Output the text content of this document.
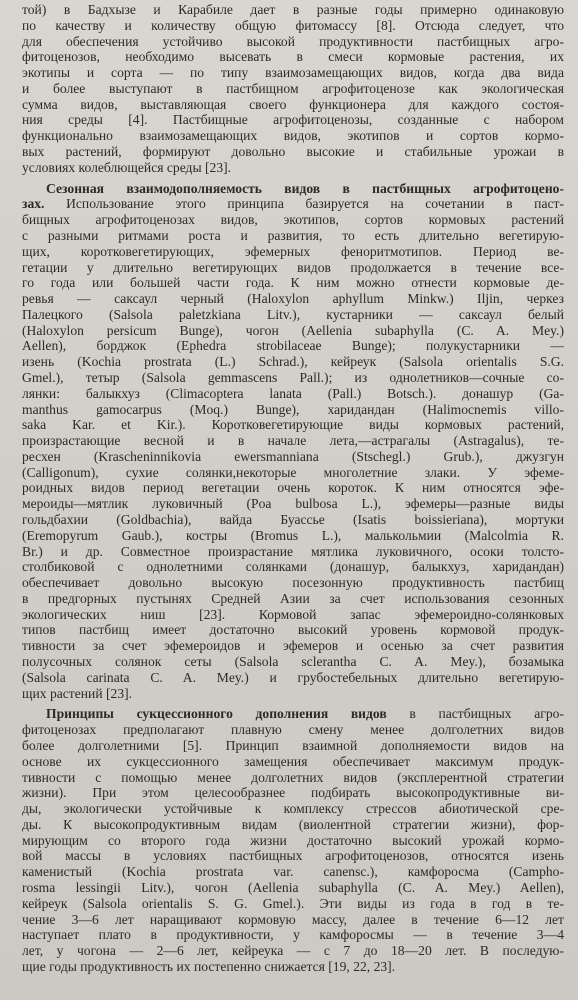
той) в Бадхызе и Карабиле дает в разные годы примерно одинаковую
по качеству и количеству общую фитомассу [8]. Отсюда следует, что
для обеспечения устойчиво высокой продуктивности пастбищных агро-
фитоценозов, необходимо высевать в смеси кормовые растения, их
экотипы и сорта — по типу взаимозамещающих видов, когда два вида
и более выступают в пастбищном агрофитоценозе как экологическая
сумма видов, выставляющая своего функционера для каждого состоя-
ния среды [4]. Пастбищные агрофитоценозы, созданные с набором
функционально взаимозамещающих видов, экотипов и сортов кормо-
вых растений, формируют довольно высокие и стабильные урожаи в
условиях колеблющейся среды [23].
Сезонная взаимодополняемость видов в пастбищных агрофитоцено-
зах. Использование этого принципа базируется на сочетании в паст-
бищных агрофитоценозах видов, экотипов, сортов кормовых растений
с разными ритмами роста и развития, то есть длительно вегетирую-
щих, коротковегетирующих, эфемерных феноритмотипов. Период ве-
гетации у длительно вегетирующих видов продолжается в течение все-
го года или большей части года. К ним можно отнести кормовые де-
ревья — саксаул черный (Haloxylon aphyllum Minkw.) Iljin, черкез
Палецкого (Salsola paletzkiana Litv.), кустарники — саксаул белый
(Haloxylon persicum Bunge), чогон (Aellenia subaphylla (C. A. Mey.)
Aellen), борджок (Ephedra strobilaceae Bunge); полукустарники —
изень (Kochia prostrata (L.) Schrad.), кейреук (Salsola orientalis S.G.
Gmel.), тетыр (Salsola gemmascens Pall.); из однолетников—сочные со-
лянки: балыкхуз (Climacoptera lanata (Pall.) Botsch.). донашур (Ga-
manthus gamocarpus (Moq.) Bunge), харидандан (Halimocnemis villo-
saka Kar. et Kir.). Коротковегетирующие виды кормовых растений,
произрастающие весной и в начале лета,—астрагалы (Astragalus), те-
ресхен (Krascheninnikovia ewersmanniana (Stschegl.) Grub.), джузгун
(Calligonum), сухие солянки,некоторые многолетние злаки. У эфеме-
роидных видов период вегетации очень короток. К ним относятся эфе-
мероиды—мятлик луковичный (Poa bulbosa L.), эфемеры—разные виды
гольдбахии (Goldbachia), вайда Буассье (Isatis boissieriana), мортуки
(Eremopyrum Gaub.), костры (Bromus L.), малькольмии (Malcolmia R.
Br.) и др. Совместное произрастание мятлика луковичного, осоки толсто-
столбиковой с однолетними солянками (донашур, балыкхуз, харидандан)
обеспечивает довольно высокую посезонную продуктивность пастбищ
в предгорных пустынях Средней Азии за счет использования сезонных
экологических ниш [23]. Кормовой запас эфемероидно-солянковых
типов пастбищ имеет достаточно высокий уровень кормовой продук-
тивности за счет эфемероидов и эфемеров и осенью за счет развития
полусочных солянок сеты (Salsola sclerantha C. A. Mey.), бозамыка
(Salsola carinata C. A. Mey.) и грубостебельных длительно вегетирую-
щих растений [23].
Принципы сукцессионного дополнения видов в пастбищных агро-
фитоценозах предполагают плавную смену менее долголетних видов
более долголетними [5]. Принцип взаимной дополняемости видов на
основе их сукцессионного замещения обеспечивает максимум продук-
тивности с помощью менее долголетних видов (эксплерентной стратегии
жизни). При этом целесообразнее подбирать высокопродуктивные ви-
ды, экологически устойчивые к комплексу стрессов абиотической сре-
ды. К высокопродуктивным видам (виолентной стратегии жизни), фор-
мирующим со второго года жизни достаточно высокий урожай кормо-
вой массы в условиях пастбищных агрофитоценозов, относятся изень
каменистый (Kochia prostrata var. canensc.), камфоросма (Campho-
rosma lessingii Litv.), чогон (Aellenia subaphylla (C. A. Mey.) Aellen),
кейреук (Salsola orientalis S. G. Gmel.). Эти виды из года в год в те-
чение 3—6 лет наращивают кормовую массу, далее в течение 6—12 лет
наступает плато в продуктивности, у камфоросмы — в течение 3—4
лет, у чогона — 2—6 лет, кейреука — с 7 до 18—20 лет. В последую-
щие годы продуктивность их постепенно снижается [19, 22, 23].
